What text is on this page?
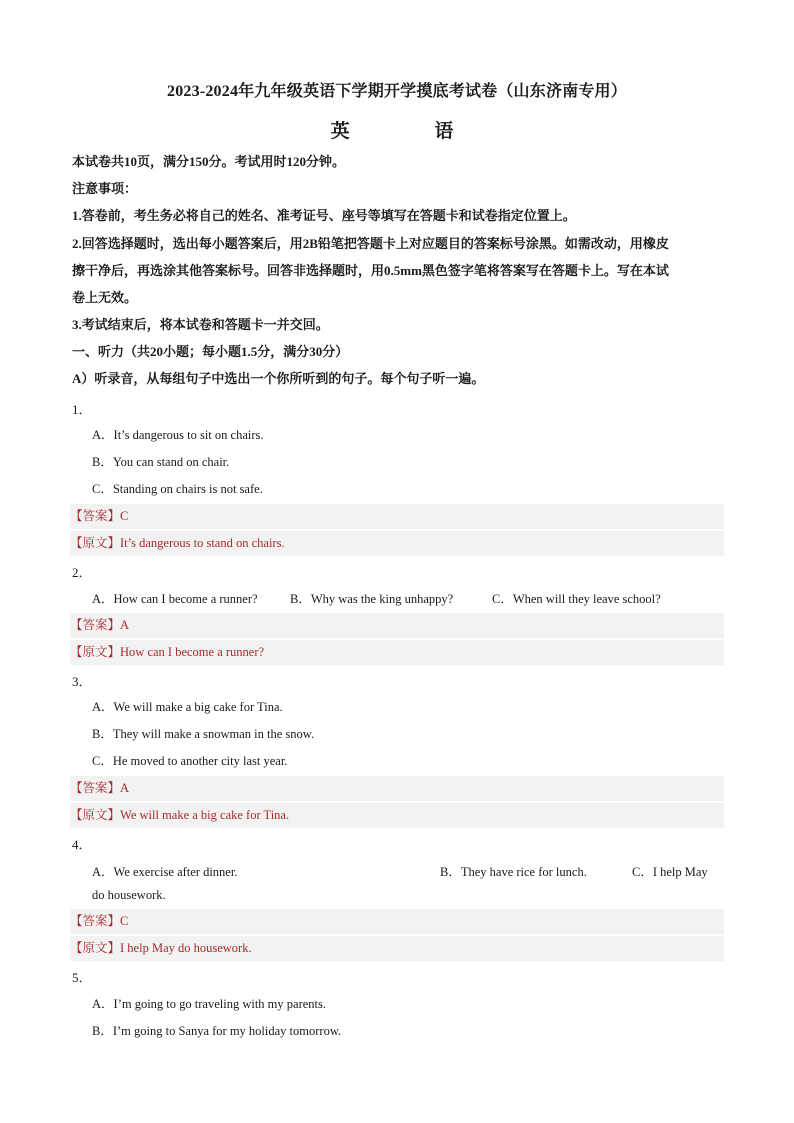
2023-2024年九年级英语下学期开学摸底考试卷（山东济南专用）
英 语
本试卷共10页，满分150分。考试用时120分钟。
注意事项：
1.答卷前，考生务必将自己的姓名、准考证号、座号等填写在答题卡和试卷指定位置上。
2.回答选择题时，选出每小题答案后，用2B铅笔把答题卡上对应题目的答案标号涂黑。如需改动，用橡皮
擦干净后，再选涂其他答案标号。回答非选择题时，用0.5mm黑色签字笔将答案写在答题卡上。写在本试
卷上无效。
3.考试结束后，将本试卷和答题卡一并交回。
一、听力（共20小题；每小题1.5分，满分30分）
A）听录音，从每组句子中选出一个你所听到的句子。每个句子听一遍。
1．
A．It’s dangerous to sit on chairs.
B．You can stand on chair.
C．Standing on chairs is not safe.
【答案】C
【原文】It’s dangerous to stand on chairs.
2．
A．How can I become a runner?	B．Why was the king unhappy?	C．When will they leave school?
【答案】A
【原文】How can I become a runner?
3．
A．We will make a big cake for Tina.
B．They will make a snowman in the snow.
C．He moved to another city last year.
【答案】A
【原文】We will make a big cake for Tina.
4．
A．We exercise after dinner.	B．They have rice for lunch.	C．I help May
do housework.
【答案】C
【原文】I help May do housework.
5．
A．I’m going to go traveling with my parents.
B．I’m going to Sanya for my holiday tomorrow.
